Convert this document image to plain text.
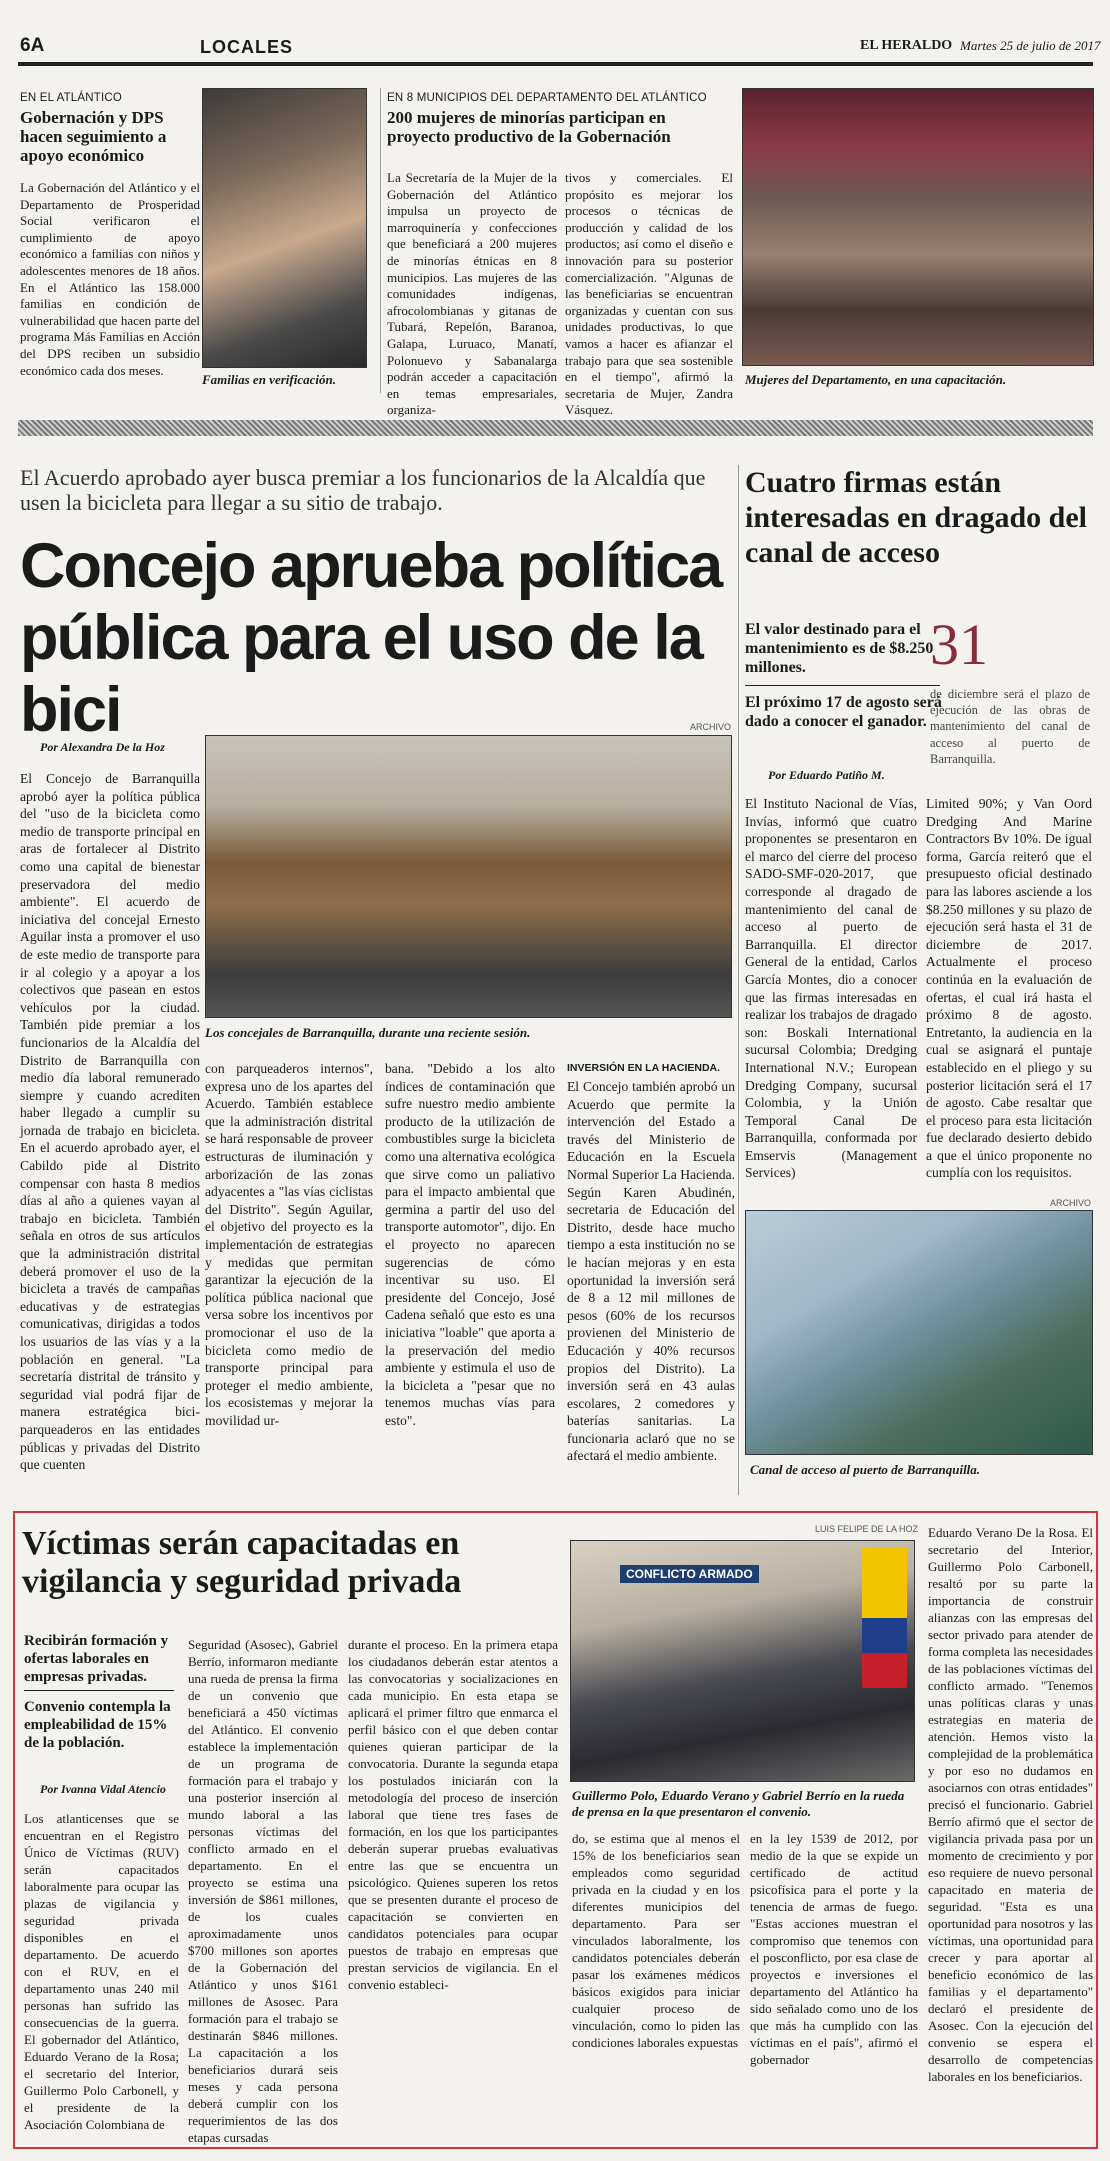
6A	LOCALES	EL HERALDO Martes 25 de julio de 2017
EN EL ATLÁNTICO
Gobernación y DPS hacen seguimiento a apoyo económico
La Gobernación del Atlántico y el Departamento de Prosperidad Social verificaron el cumplimiento de apoyo económico a familias con niños y adolescentes menores de 18 años. En el Atlántico las 158.000 familias en condición de vulnerabilidad que hacen parte del programa Más Familias en Acción del DPS reciben un subsidio económico cada dos meses.
Familias en verificación.
EN 8 MUNICIPIOS DEL DEPARTAMENTO DEL ATLÁNTICO
200 mujeres de minorías participan en proyecto productivo de la Gobernación
La Secretaría de la Mujer de la Gobernación del Atlántico impulsa un proyecto de marroquinería y confecciones que beneficiará a 200 mujeres de minorías étnicas en 8 municipios. Las mujeres de las comunidades indígenas, afrocolombianas y gitanas de Tubará, Repelón, Baranoa, Galapa, Luruaco, Manatí, Polonuevo y Sabanalarga podrán acceder a capacitación en temas empresariales, organiza-
tivos y comerciales. El propósito es mejorar los procesos o técnicas de producción y calidad de los productos; así como el diseño e innovación para su posterior comercialización. "Algunas de las beneficiarias se encuentran organizadas y cuentan con sus unidades productivas, lo que vamos a hacer es afianzar el trabajo para que sea sostenible en el tiempo", afirmó la secretaria de Mujer, Zandra Vásquez.
Mujeres del Departamento, en una capacitación.
El Acuerdo aprobado ayer busca premiar a los funcionarios de la Alcaldía que usen la bicicleta para llegar a su sitio de trabajo.
Concejo aprueba política pública para el uso de la bici	ARCHIVO
Por Alexandra De la Hoz
Los concejales de Barranquilla, durante una reciente sesión.
El Concejo de Barranquilla aprobó ayer la política pública del "uso de la bicicleta como medio de transporte principal en aras de fortalecer al Distrito como una capital de bienestar preservadora del medio ambiente". El acuerdo de iniciativa del concejal Ernesto Aguilar insta a promover el uso de este medio de transporte para ir al colegio y a apoyar a los colectivos que pasean en estos vehículos por la ciudad. También pide premiar a los funcionarios de la Alcaldía del Distrito de Barranquilla con medio día laboral remunerado siempre y cuando acrediten haber llegado a cumplir su jornada de trabajo en bicicleta. En el acuerdo aprobado ayer, el Cabildo pide al Distrito compensar con hasta 8 medios días al año a quienes vayan al trabajo en bicicleta. También señala en otros de sus artículos que la administración distrital deberá promover el uso de la bicicleta a través de campañas educativas y de estrategias comunicativas, dirigidas a todos los usuarios de las vías y a la población en general. "La secretaría distrital de tránsito y seguridad vial podrá fijar de manera estratégica bici-parqueaderos en las entidades públicas y privadas del Distrito que cuenten
con parqueaderos internos", expresa uno de los apartes del Acuerdo. También establece que la administración distrital se hará responsable de proveer estructuras de iluminación y arborización de las zonas adyacentes a "las vías ciclistas del Distrito". Según Aguilar, el objetivo del proyecto es la implementación de estrategias y medidas que permitan garantizar la ejecución de la política pública nacional que versa sobre los incentivos por promocionar el uso de la bicicleta como medio de transporte principal para proteger el medio ambiente, los ecosistemas y mejorar la movilidad ur-
bana. "Debido a los alto índices de contaminación que sufre nuestro medio ambiente producto de la utilización de combustibles surge la bicicleta como una alternativa ecológica que sirve como un paliativo para el impacto ambiental que germina a partir del uso del transporte automotor", dijo. En el proyecto no aparecen sugerencias de cómo incentivar su uso. El presidente del Concejo, José Cadena señaló que esto es una iniciativa "loable" que aporta a la preservación del medio ambiente y estimula el uso de la bicicleta a "pesar que no tenemos muchas vías para esto".
INVERSIÓN EN LA HACIENDA.
El Concejo también aprobó un Acuerdo que permite la intervención del Estado a través del Ministerio de Educación en la Escuela Normal Superior La Hacienda. Según Karen Abudinén, secretaria de Educación del Distrito, desde hace mucho tiempo a esta institución no se le hacían mejoras y en esta oportunidad la inversión será de 8 a 12 mil millones de pesos (60% de los recursos provienen del Ministerio de Educación y 40% recursos propios del Distrito). La inversión será en 43 aulas escolares, 2 comedores y baterías sanitarias. La funcionaria aclaró que no se afectará el medio ambiente.
Cuatro firmas están interesadas en dragado del canal de acceso
El valor destinado para el mantenimiento es de $8.250 millones.
El próximo 17 de agosto será dado a conocer el ganador.
31
de diciembre será el plazo de ejecución de las obras de mantenimiento del canal de acceso al puerto de Barranquilla.
Por Eduardo Patiño M.
El Instituto Nacional de Vías, Invías, informó que cuatro proponentes se presentaron en el marco del cierre del proceso SADO-SMF-020-2017, que corresponde al dragado de mantenimiento del canal de acceso al puerto de Barranquilla. El director General de la entidad, Carlos García Montes, dio a conocer que las firmas interesadas en realizar los trabajos de dragado son: Boskali International sucursal Colombia; Dredging International N.V.; European Dredging Company, sucursal Colombia, y la Unión Temporal Canal De Barranquilla, conformada por Emservis (Management Services)
Limited 90%; y Van Oord Dredging And Marine Contractors Bv 10%. De igual forma, García reiteró que el presupuesto oficial destinado para las labores asciende a los $8.250 millones y su plazo de ejecución será hasta el 31 de diciembre de 2017. Actualmente el proceso continúa en la evaluación de ofertas, el cual irá hasta el próximo 8 de agosto. Entretanto, la audiencia en la cual se asignará el puntaje establecido en el pliego y su posterior licitación será el 17 de agosto. Cabe resaltar que el proceso para esta licitación fue declarado desierto debido a que el único proponente no cumplía con los requisitos.
ARCHIVO
Canal de acceso al puerto de Barranquilla.
LUIS FELIPE DE LA HOZ
Víctimas serán capacitadas en vigilancia y seguridad privada
Recibirán formación y ofertas laborales en empresas privadas.
Convenio contempla la empleabilidad de 15% de la población.
Por Ivanna Vidal Atencio
Los atlanticenses que se encuentran en el Registro Único de Víctimas (RUV) serán capacitados laboralmente para ocupar las plazas de vigilancia y seguridad privada disponibles en el departamento. De acuerdo con el RUV, en el departamento unas 240 mil personas han sufrido las consecuencias de la guerra. El gobernador del Atlántico, Eduardo Verano de la Rosa; el secretario del Interior, Guillermo Polo Carbonell, y el presidente de la Asociación Colombiana de
Seguridad (Asosec), Gabriel Berrío, informaron mediante una rueda de prensa la firma de un convenio que beneficiará a 450 víctimas del Atlántico. El convenio establece la implementación de un programa de formación para el trabajo y una posterior inserción al mundo laboral a las personas víctimas del conflicto armado en el departamento. En el proyecto se estima una inversión de $861 millones, de los cuales aproximadamente unos $700 millones son aportes de la Gobernación del Atlántico y unos $161 millones de Asosec. Para formación para el trabajo se destinarán $846 millones. La capacitación a los beneficiarios durará seis meses y cada persona deberá cumplir con los requerimientos de las dos etapas cursadas
durante el proceso. En la primera etapa los ciudadanos deberán estar atentos a las convocatorias y socializaciones en cada municipio. En esta etapa se aplicará el primer filtro que enmarca el perfil básico con el que deben contar quienes quieran participar de la convocatoria. Durante la segunda etapa los postulados iniciarán con la metodología del proceso de inserción laboral que tiene tres fases de formación, en los que los participantes deberán superar pruebas evaluativas entre las que se encuentra un psicológico. Quienes superen los retos que se presenten durante el proceso de capacitación se convierten en candidatos potenciales para ocupar puestos de trabajo en empresas que prestan servicios de vigilancia. En el convenio estableci-
CONFLICTO ARMADO
Guillermo Polo, Eduardo Verano y Gabriel Berrío en la rueda de prensa en la que presentaron el convenio.
do, se estima que al menos el 15% de los beneficiarios sean empleados como seguridad privada en la ciudad y en los diferentes municipios del departamento. Para ser vinculados laboralmente, los candidatos potenciales deberán pasar los exámenes médicos básicos exigidos para iniciar cualquier proceso de vinculación, como lo piden las condiciones laborales expuestas
en la ley 1539 de 2012, por medio de la que se expide un certificado de actitud psicofísica para el porte y la tenencia de armas de fuego. "Estas acciones muestran el compromiso que tenemos con el posconflicto, por esa clase de proyectos e inversiones el departamento del Atlántico ha sido señalado como uno de los que más ha cumplido con las víctimas en el país", afirmó el gobernador
Eduardo Verano De la Rosa. El secretario del Interior, Guillermo Polo Carbonell, resaltó por su parte la importancia de construir alianzas con las empresas del sector privado para atender de forma completa las necesidades de las poblaciones víctimas del conflicto armado. "Tenemos unas políticas claras y unas estrategias en materia de atención. Hemos visto la complejidad de la problemática y por eso no dudamos en asociarnos con otras entidades" precisó el funcionario. Gabriel Berrío afirmó que el sector de vigilancia privada pasa por un momento de crecimiento y por eso requiere de nuevo personal capacitado en materia de seguridad. "Esta es una oportunidad para nosotros y las víctimas, una oportunidad para crecer y para aportar al beneficio económico de las familias y el departamento" declaró el presidente de Asosec. Con la ejecución del convenio se espera el desarrollo de competencias laborales en los beneficiarios.
